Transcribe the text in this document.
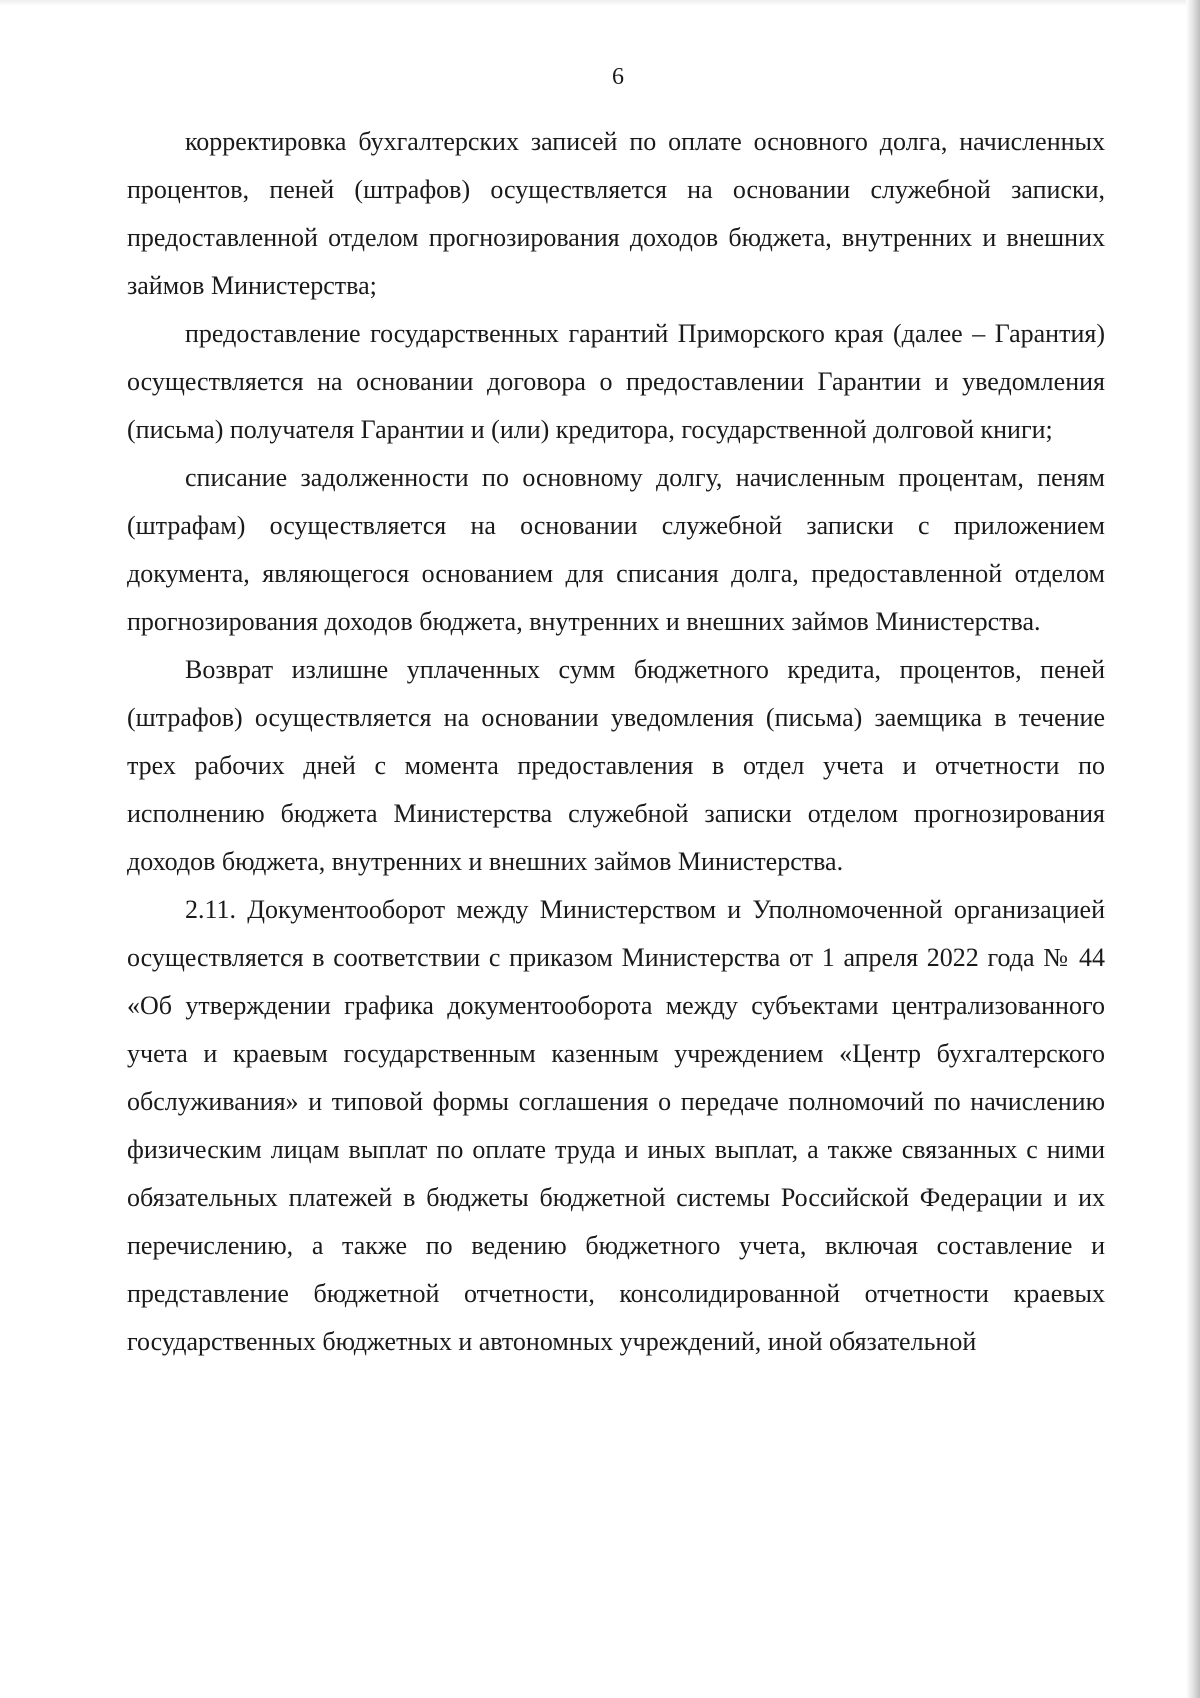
6

корректировка бухгалтерских записей по оплате основного долга, начисленных процентов, пеней (штрафов) осуществляется на основании служебной записки, предоставленной отделом прогнозирования доходов бюджета, внутренних и внешних займов Министерства;

предоставление государственных гарантий Приморского края (далее – Гарантия) осуществляется на основании договора о предоставлении Гарантии и уведомления (письма) получателя Гарантии и (или) кредитора, государственной долговой книги;

списание задолженности по основному долгу, начисленным процентам, пеням (штрафам) осуществляется на основании служебной записки с приложением документа, являющегося основанием для списания долга, предоставленной отделом прогнозирования доходов бюджета, внутренних и внешних займов Министерства.

Возврат излишне уплаченных сумм бюджетного кредита, процентов, пеней (штрафов) осуществляется на основании уведомления (письма) заемщика в течение трех рабочих дней с момента предоставления в отдел учета и отчетности по исполнению бюджета Министерства служебной записки отделом прогнозирования доходов бюджета, внутренних и внешних займов Министерства.

2.11. Документооборот между Министерством и Уполномоченной организацией осуществляется в соответствии с приказом Министерства от 1 апреля 2022 года № 44 «Об утверждении графика документооборота между субъектами централизованного учета и краевым государственным казенным учреждением «Центр бухгалтерского обслуживания» и типовой формы соглашения о передаче полномочий по начислению физическим лицам выплат по оплате труда и иных выплат, а также связанных с ними обязательных платежей в бюджеты бюджетной системы Российской Федерации и их перечислению, а также по ведению бюджетного учета, включая составление и представление бюджетной отчетности, консолидированной отчетности краевых государственных бюджетных и автономных учреждений, иной обязательной
